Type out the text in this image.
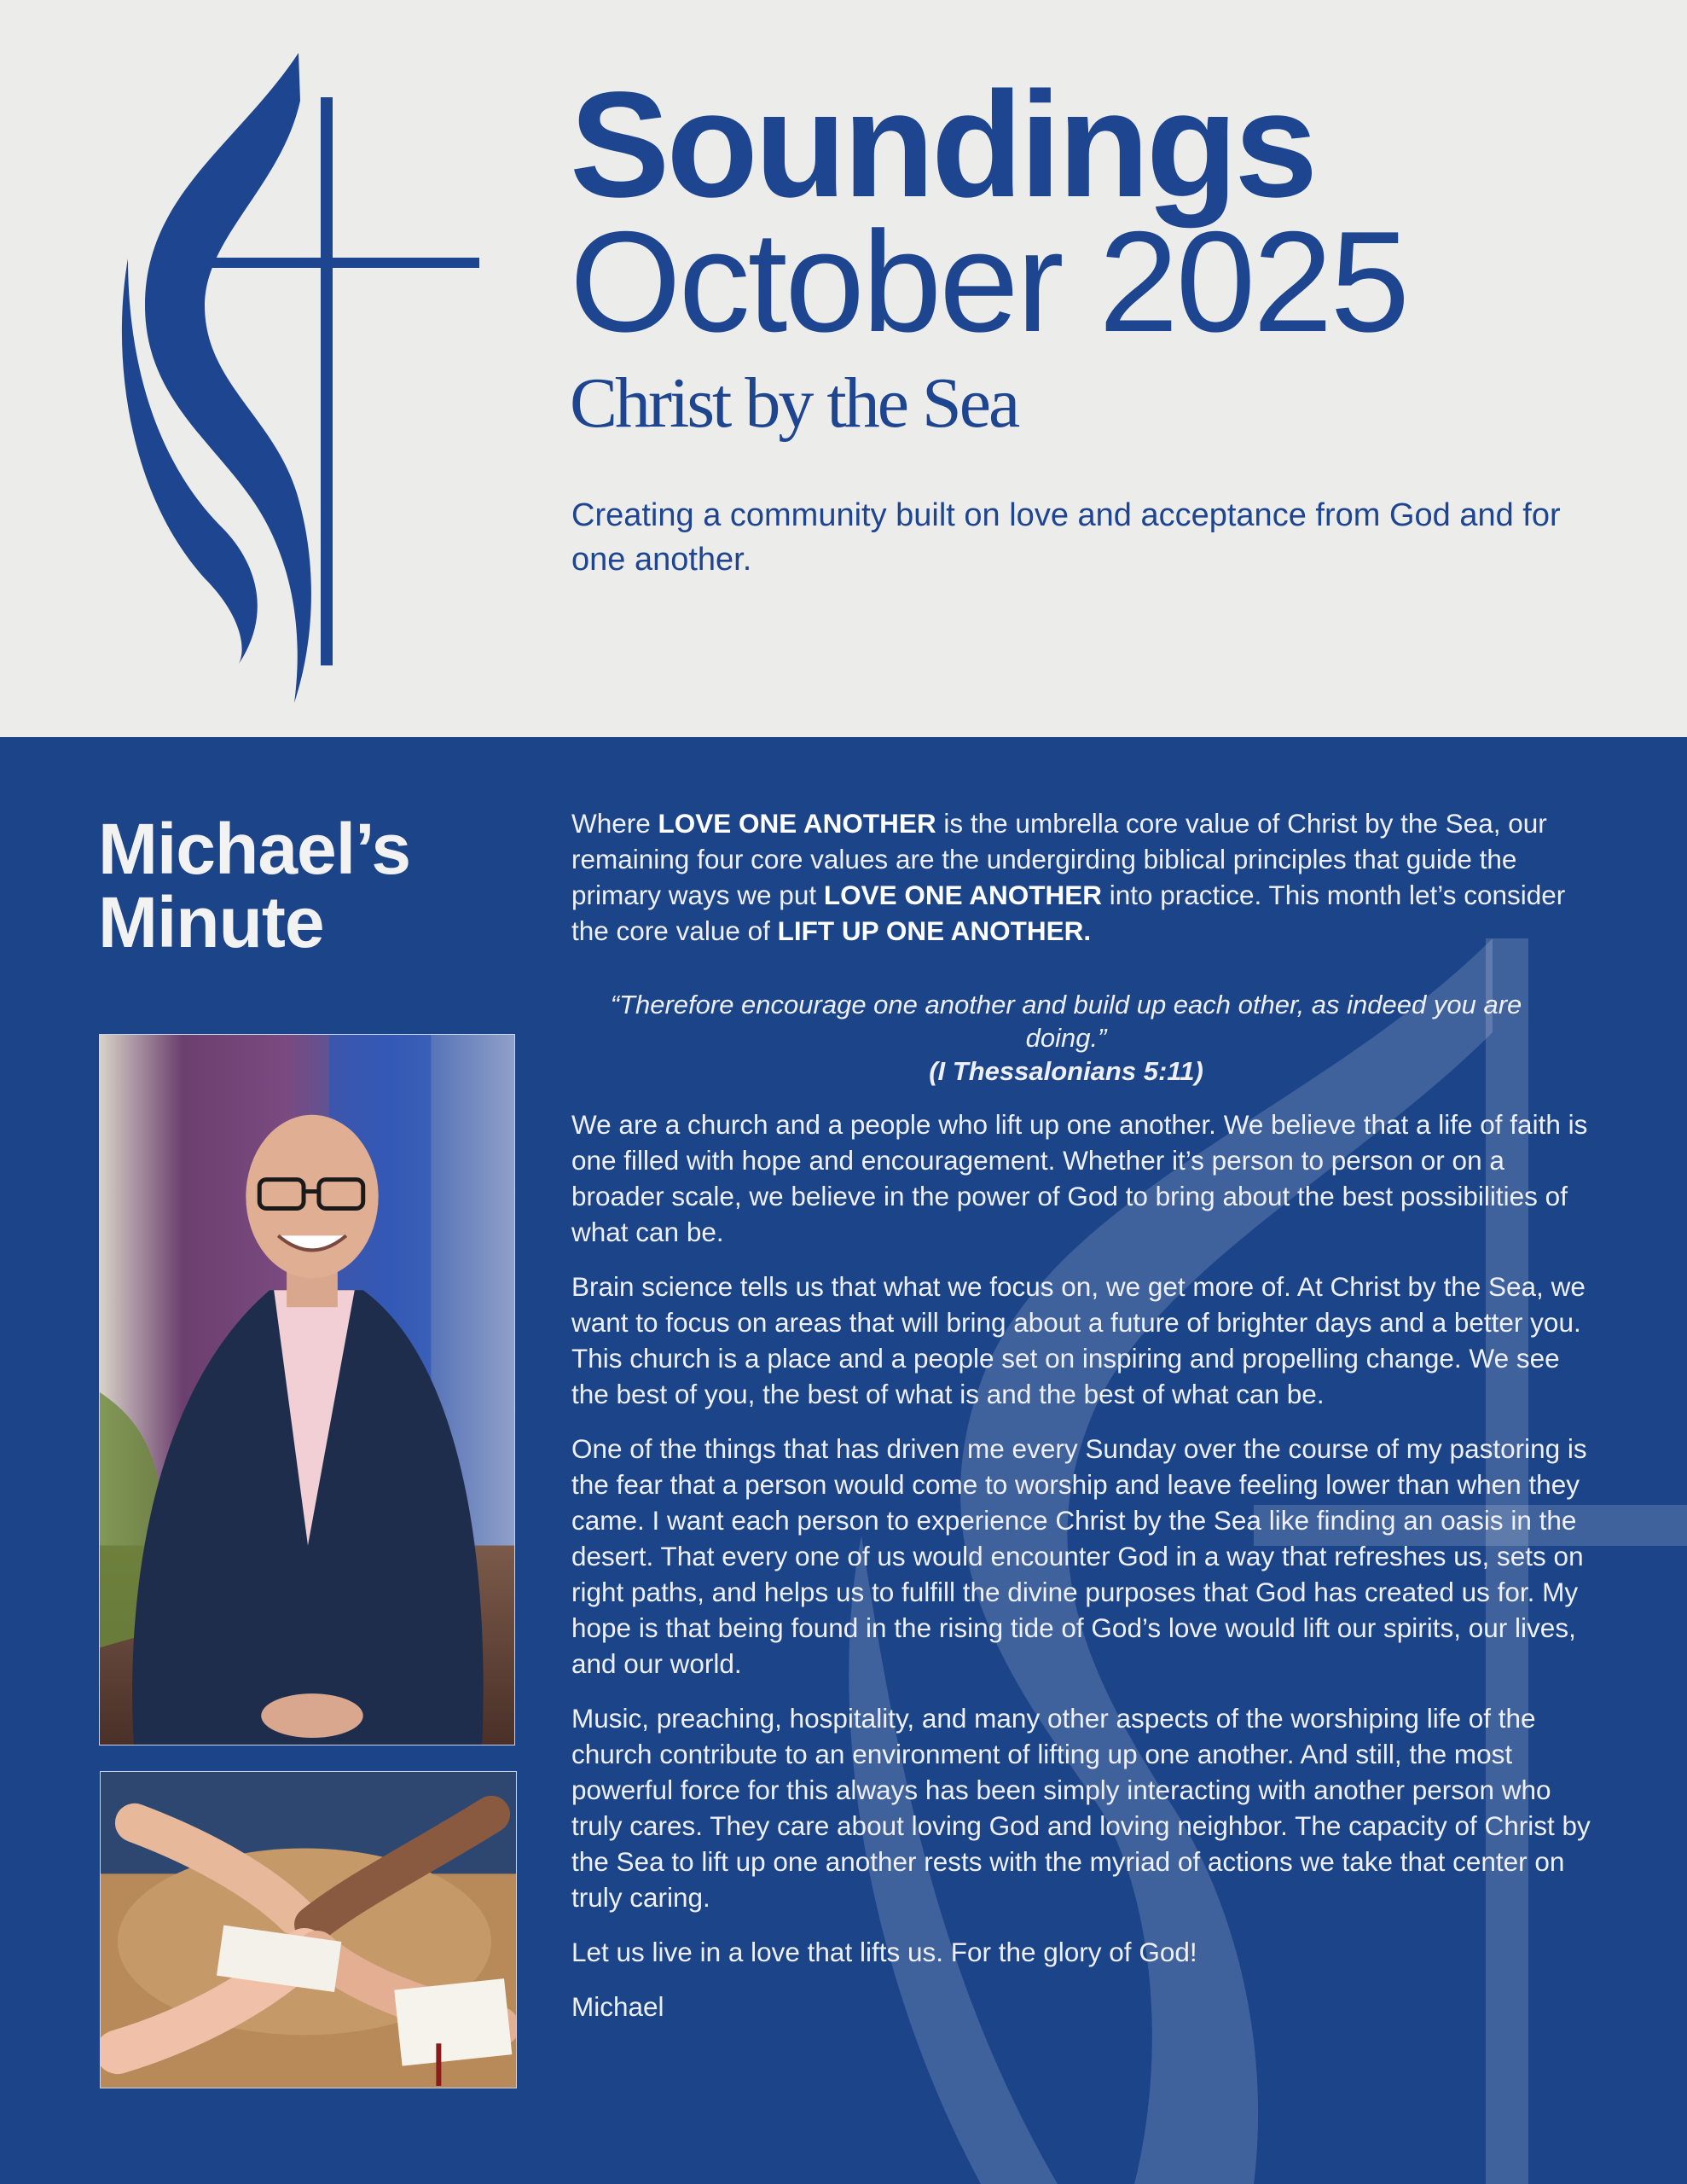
Soundings
October 2025
Christ by the Sea

Creating a community built on love and acceptance from God and for one another.

Michael’s
Minute

Where LOVE ONE ANOTHER is the umbrella core value of Christ by the Sea, our remaining four core values are the undergirding biblical principles that guide the primary ways we put LOVE ONE ANOTHER into practice. This month let’s consider the core value of LIFT UP ONE ANOTHER.

“Therefore encourage one another and build up each other, as indeed you are doing.”
(I Thessalonians 5:11)

We are a church and a people who lift up one another. We believe that a life of faith is one filled with hope and encouragement. Whether it’s person to person or on a broader scale, we believe in the power of God to bring about the best possibilities of what can be.

Brain science tells us that what we focus on, we get more of. At Christ by the Sea, we want to focus on areas that will bring about a future of brighter days and a better you. This church is a place and a people set on inspiring and propelling change. We see the best of you, the best of what is and the best of what can be.

One of the things that has driven me every Sunday over the course of my pastoring is the fear that a person would come to worship and leave feeling lower than when they came. I want each person to experience Christ by the Sea like finding an oasis in the desert. That every one of us would encounter God in a way that refreshes us, sets on right paths, and helps us to fulfill the divine purposes that God has created us for. My hope is that being found in the rising tide of God’s love would lift our spirits, our lives, and our world.

Music, preaching, hospitality, and many other aspects of the worshiping life of the church contribute to an environment of lifting up one another. And still, the most powerful force for this always has been simply interacting with another person who truly cares. They care about loving God and loving neighbor. The capacity of Christ by the Sea to lift up one another rests with the myriad of actions we take that center on truly caring.

Let us live in a love that lifts us. For the glory of God!

Michael
